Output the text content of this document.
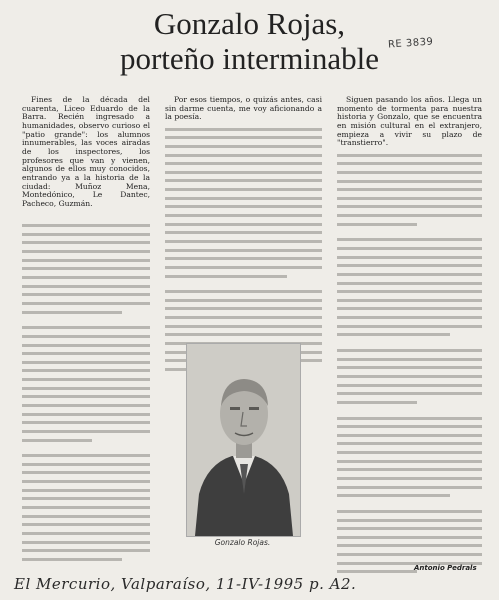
Gonzalo Rojas,
porteño interminable RE 3839

Fines de la década del cuarenta, Liceo Eduardo de la Barra. Recién ingresado a humanidades, observo curioso el "patio grande": los alumnos innumerables, las voces airadas de los inspectores, los profesores que van y vienen, algunos de ellos muy conocidos, entrando ya a la historia de la ciudad: Muñoz Mena, Montedónico, Le Dantec, Pacheco, Guzmán.

Por esos tiempos, o quizás antes, casi sin darme cuenta, me voy aficionando a la poesía.

Siguen pasando los años. Llega un momento de tormenta para nuestra historia y Gonzalo, que se encuentra en misión cultural en el extranjero, empieza a vivir su plazo de "transtierro".

Gonzalo Rojas.
Antonio Pedrals
El Mercurio, Valparaíso, 11-IV-1995 p. A2.
